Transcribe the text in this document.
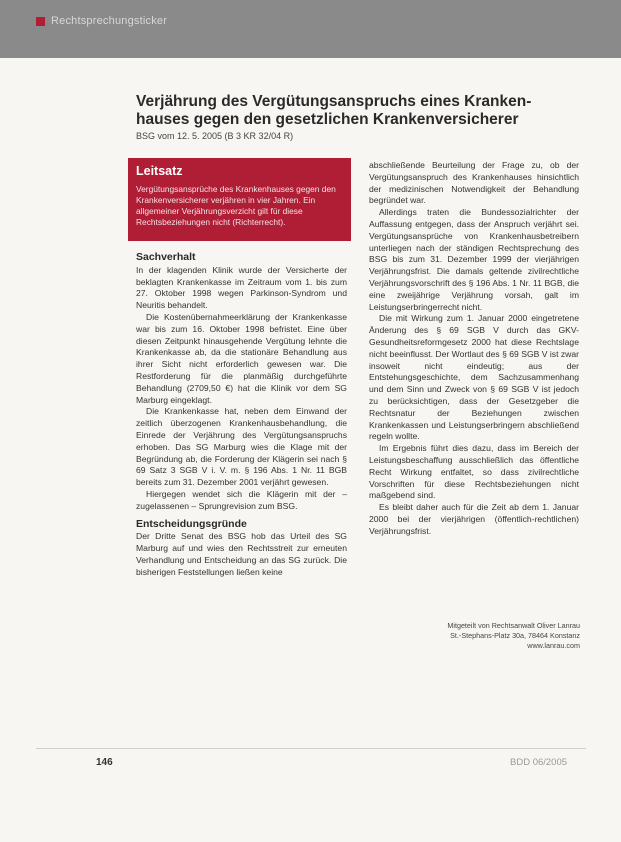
Rechtsprechungsticker
Verjährung des Vergütungsanspruchs eines Kranken-
hauses gegen den gesetzlichen Krankenversicherer
BSG vom 12. 5. 2005 (B 3 KR 32/04 R)
Leitsatz
Vergütungsansprüche des Krankenhauses gegen den Krankenversicherer verjähren in vier Jahren. Ein allgemeiner Verjährungsverzicht gilt für diese Rechtsbeziehungen nicht (Richterrecht).
Sachverhalt

In der klagenden Klinik wurde der Versicherte der beklagten Krankenkasse im Zeitraum vom 1. bis zum 27. Oktober 1998 wegen Parkinson-Syndrom und Neuritis behandelt.

Die Kostenübernahmeerklärung der Krankenkasse war bis zum 16. Oktober 1998 befristet. Eine über diesen Zeitpunkt hinausgehende Vergütung lehnte die Krankenkasse ab, da die stationäre Behandlung aus ihrer Sicht nicht erforderlich gewesen war. Die Restforderung für die planmäßig durchgeführte Behandlung (2709,50 €) hat die Klinik vor dem SG Marburg eingeklagt.

Die Krankenkasse hat, neben dem Einwand der zeitlich überzogenen Krankenhausbehandlung, die Einrede der Verjährung des Vergütungsanspruchs erhoben. Das SG Marburg wies die Klage mit der Begründung ab, die Forderung der Klägerin sei nach § 69 Satz 3 SGB V i. V. m. § 196 Abs. 1 Nr. 11 BGB bereits zum 31. Dezember 2001 verjährt gewesen.

Hiergegen wendet sich die Klägerin mit der – zugelassenen – Sprungrevision zum BSG.

Entscheidungsgründe

Der Dritte Senat des BSG hob das Urteil des SG Marburg auf und wies den Rechtsstreit zur erneuten Verhandlung und Entscheidung an das SG zurück. Die bisherigen Feststellungen ließen keine

abschließende Beurteilung der Frage zu, ob der Vergütungsanspruch des Krankenhauses hinsichtlich der medizinischen Notwendigkeit der Behandlung begründet war.

Allerdings traten die Bundessozialrichter der Auffassung entgegen, dass der Anspruch verjährt sei. Vergütungsansprüche von Krankenhausbetreibern unterliegen nach der ständigen Rechtsprechung des BSG bis zum 31. Dezember 1999 der vierjährigen Verjährungsfrist. Die damals geltende zivilrechtliche Verjährungsvorschrift des § 196 Abs. 1 Nr. 11 BGB, die eine zweijährige Verjährung vorsah, galt im Leistungserbringerrecht nicht.

Die mit Wirkung zum 1. Januar 2000 eingetretene Änderung des § 69 SGB V durch das GKV-Gesundheitsreformgesetz 2000 hat diese Rechtslage nicht beeinflusst. Der Wortlaut des § 69 SGB V ist zwar insoweit nicht eindeutig; aus der Entstehungsgeschichte, dem Sachzusammenhang und dem Sinn und Zweck von § 69 SGB V ist jedoch zu berücksichtigen, dass der Gesetzgeber die Rechtsnatur der Beziehungen zwischen Krankenkassen und Leistungserbringern abschließend regeln wollte.

Im Ergebnis führt dies dazu, dass im Bereich der Leistungsbeschaffung ausschließlich das öffentliche Recht Wirkung entfaltet, so dass zivilrechtliche Vorschriften für diese Rechtsbeziehungen nicht maßgebend sind.

Es bleibt daher auch für die Zeit ab dem 1. Januar 2000 bei der vierjährigen (öffentlich-rechtlichen) Verjährungsfrist.

Mitgeteilt von Rechtsanwalt Oliver Lanrau
St.-Stephans-Platz 30a, 78464 Konstanz
www.lanrau.com
146	BDD 06/2005
